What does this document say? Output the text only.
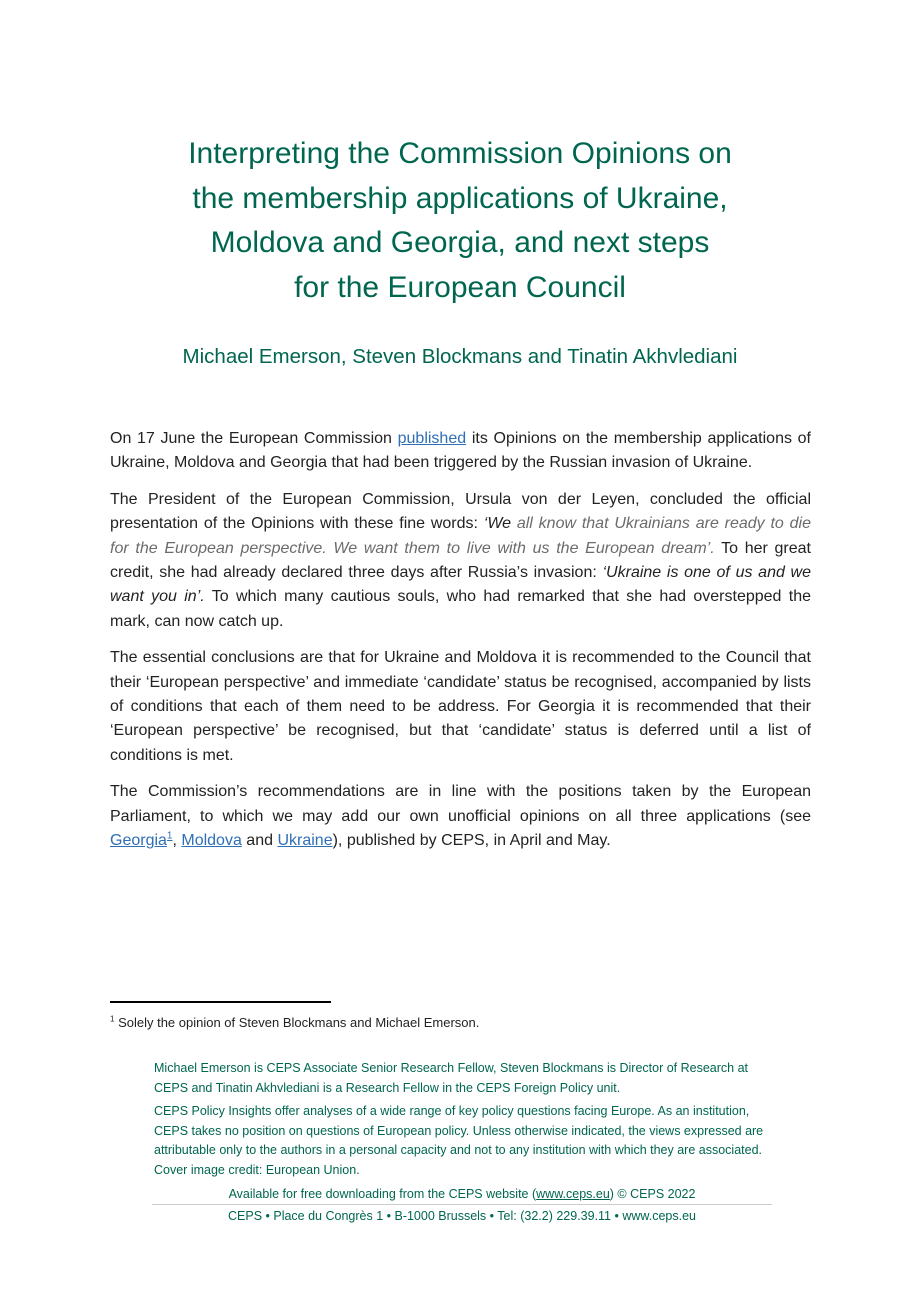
Interpreting the Commission Opinions on
the membership applications of Ukraine,
Moldova and Georgia, and next steps
for the European Council
Michael Emerson, Steven Blockmans and Tinatin Akhvlediani

On 17 June the European Commission published its Opinions on the membership applications of Ukraine, Moldova and Georgia that had been triggered by the Russian invasion of Ukraine.

The President of the European Commission, Ursula von der Leyen, concluded the official presentation of the Opinions with these fine words: ‘We all know that Ukrainians are ready to die for the European perspective. We want them to live with us the European dream’. To her great credit, she had already declared three days after Russia’s invasion: ‘Ukraine is one of us and we want you in’. To which many cautious souls, who had remarked that she had overstepped the mark, can now catch up.

The essential conclusions are that for Ukraine and Moldova it is recommended to the Council that their ‘European perspective’ and immediate ‘candidate’ status be recognised, accompanied by lists of conditions that each of them need to be address. For Georgia it is recommended that their ‘European perspective’ be recognised, but that ‘candidate’ status is deferred until a list of conditions is met.

The Commission’s recommendations are in line with the positions taken by the European Parliament, to which we may add our own unofficial opinions on all three applications (see Georgia$^1$, Moldova and Ukraine), published by CEPS, in April and May.

$^1$ Solely the opinion of Steven Blockmans and Michael Emerson.
Michael Emerson is CEPS Associate Senior Research Fellow, Steven Blockmans is Director of Research at CEPS and Tinatin Akhvlediani is a Research Fellow in the CEPS Foreign Policy unit.
CEPS Policy Insights offer analyses of a wide range of key policy questions facing Europe. As an institution, CEPS takes no position on questions of European policy. Unless otherwise indicated, the views expressed are attributable only to the authors in a personal capacity and not to any institution with which they are associated. Cover image credit: European Union.
Available for free downloading from the CEPS website (www.ceps.eu) © CEPS 2022
CEPS • Place du Congrès 1 • B-1000 Brussels • Tel: (32.2) 229.39.11 • www.ceps.eu
